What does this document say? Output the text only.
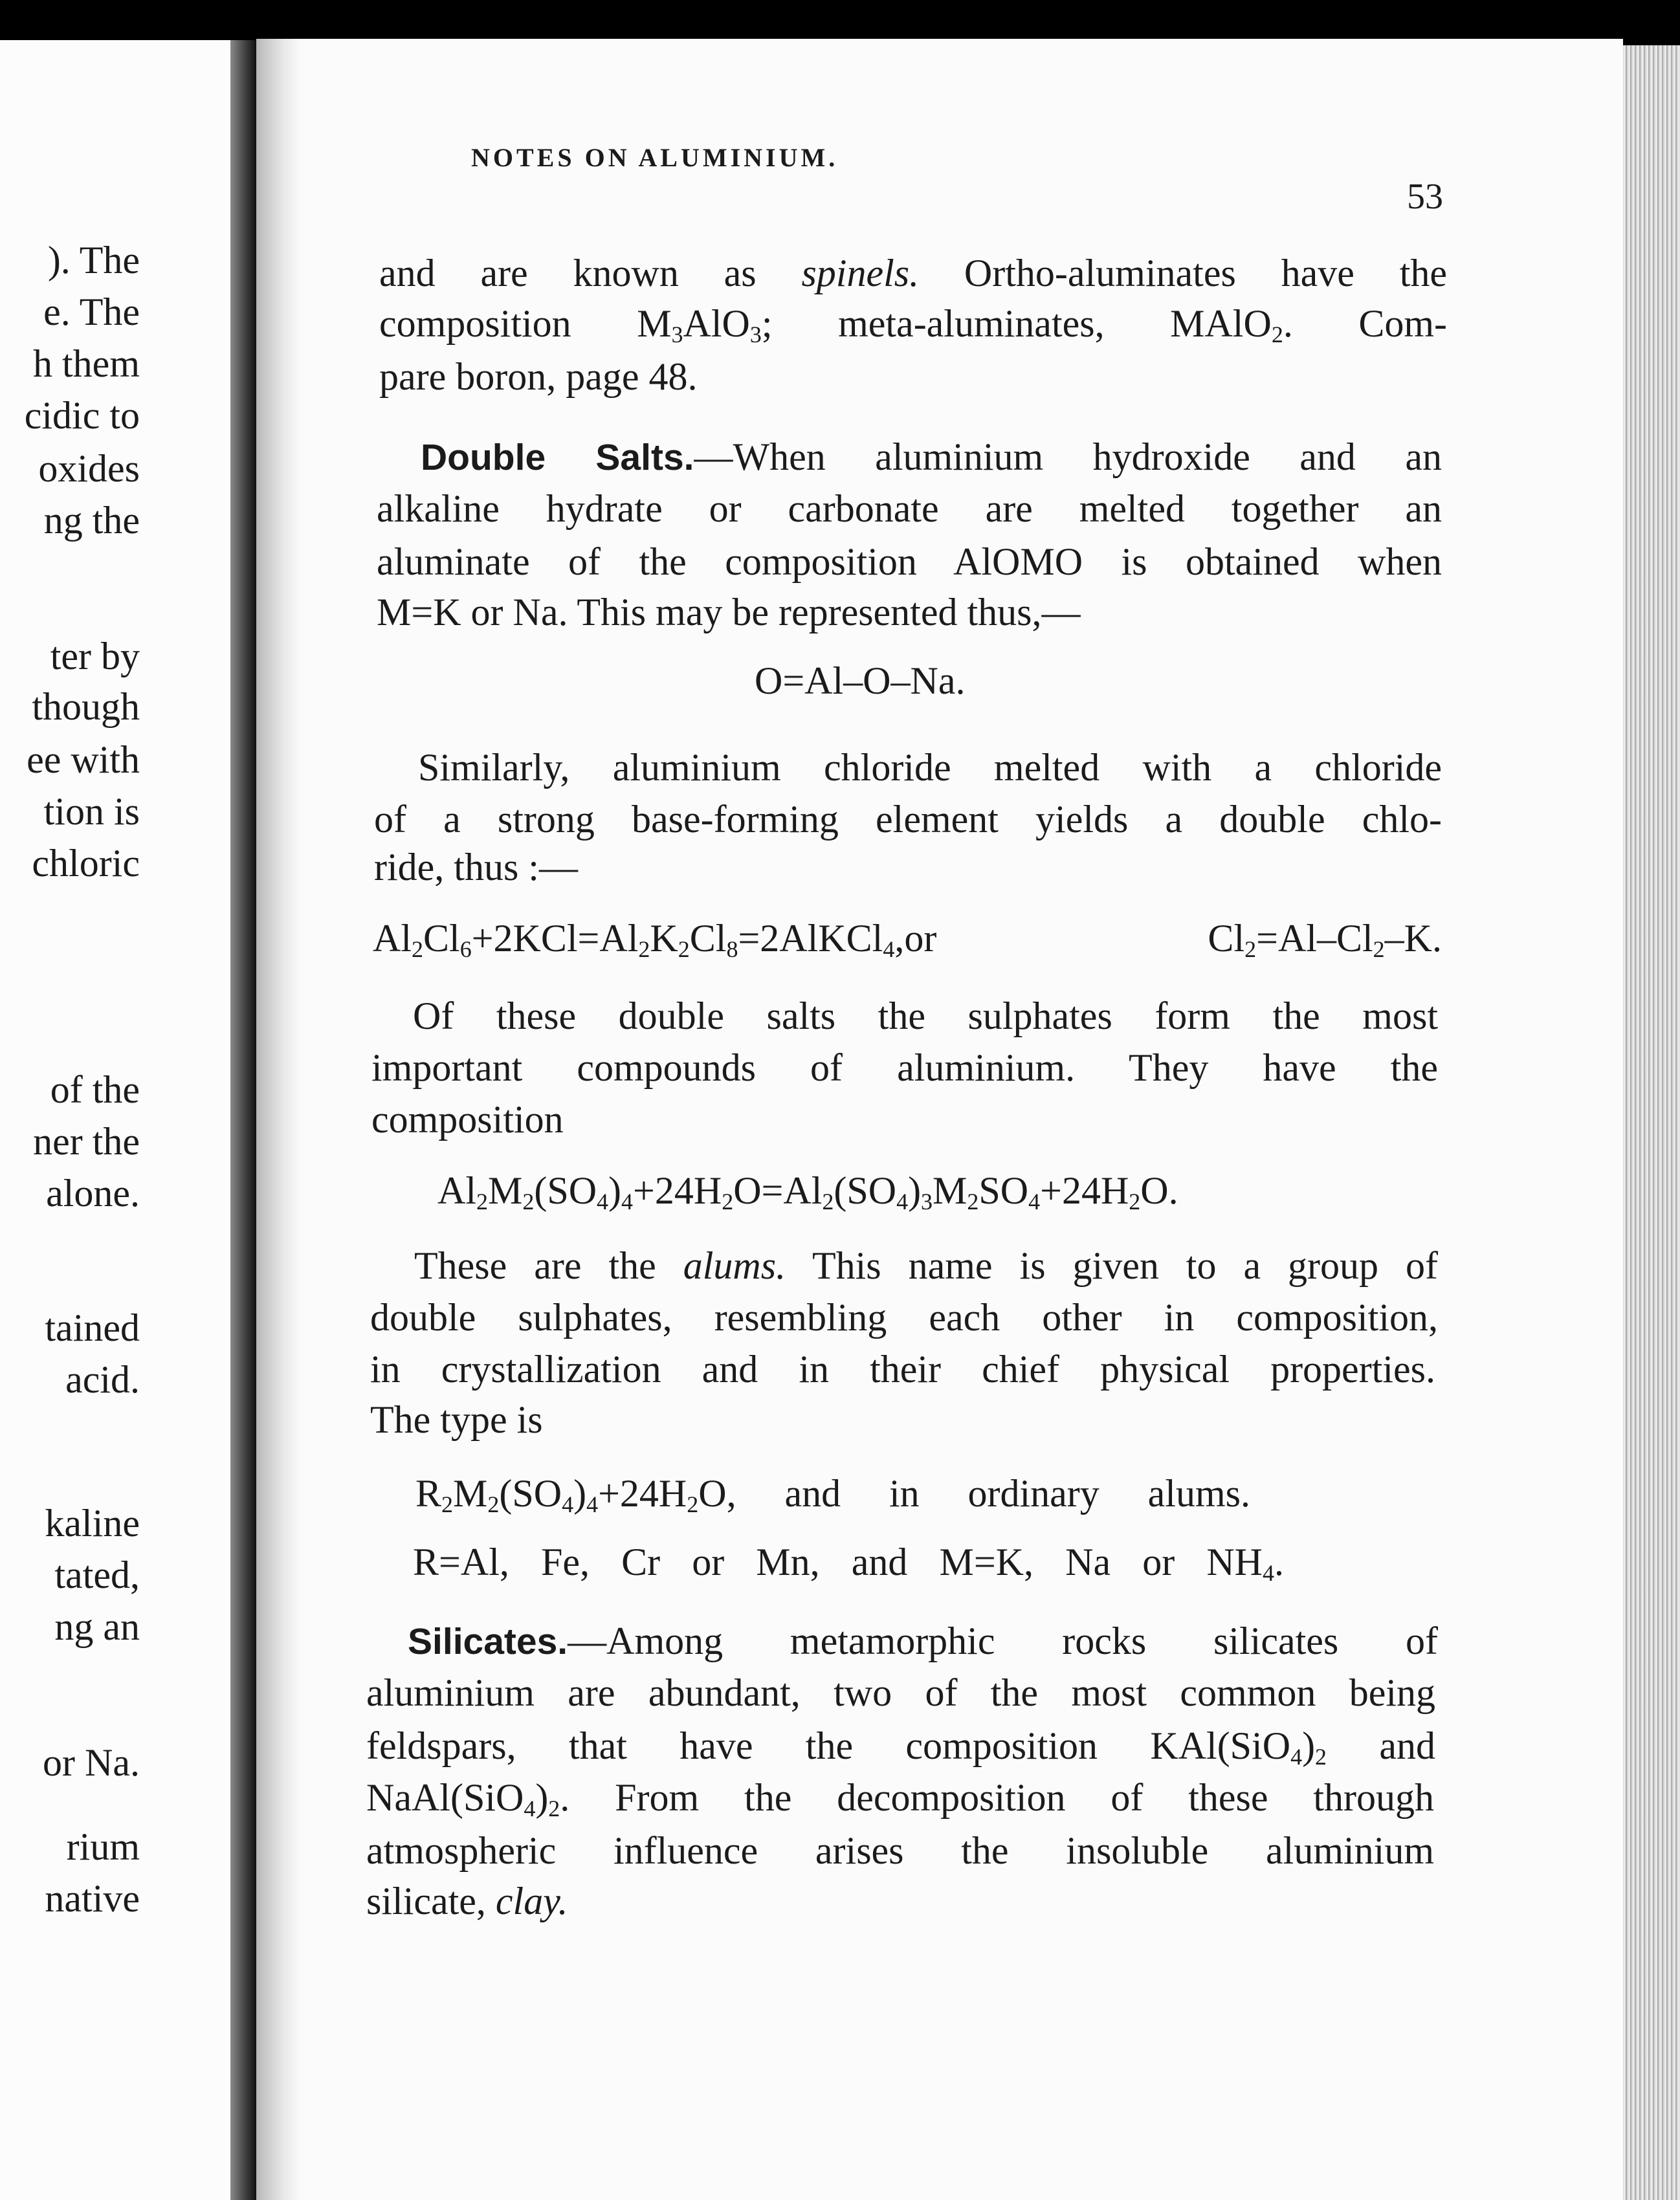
). The
e. The
h them
cidic to
oxides
ng the
ter by
though
ee with
tion is
chloric
of the
ner the
alone.
tained
acid.
kaline
tated,
ng an
or Na.
rium
native
NOTES ON ALUMINIUM.
53
and are known as spinels. Ortho-aluminates have the
composition $M_3AlO_3$; meta-aluminates, MAlO$_2$. Com-
pare boron, page 48.
Double Salts.—When aluminium hydroxide and an
alkaline hydrate or carbonate are melted together an
aluminate of the composition AlOMO is obtained when
M=K or Na. This may be represented thus,—
O=Al–O–Na.
Similarly, aluminium chloride melted with a chloride
of a strong base-forming element yields a double chlo-
ride, thus :—
$Al_2Cl_6+2KCl=Al_2K_2Cl_8=2AlKCl_4,or$ $Cl_2=Al-Cl_2-K$.
Of these double salts the sulphates form the most
important compounds of aluminium. They have the
composition
$Al_2M_2(SO_4)_4+24H_2O=Al_2(SO_4)_3M_2SO_4+24H_2O$.
These are the alums. This name is given to a group of
double sulphates, resembling each other in composition,
in crystallization and in their chief physical properties.
The type is
$R_2M_2(SO_4)_4+24H_2O$, and in ordinary alums.
R=Al, Fe, Cr or Mn, and M=K, Na or $NH_4$.
Silicates.—Among metamorphic rocks silicates of
aluminium are abundant, two of the most common being
feldspars, that have the composition $KAl(SiO_4)_2$ and
$NaAl(SiO_4)_2$. From the decomposition of these through
atmospheric influence arises the insoluble aluminium
silicate, clay.
